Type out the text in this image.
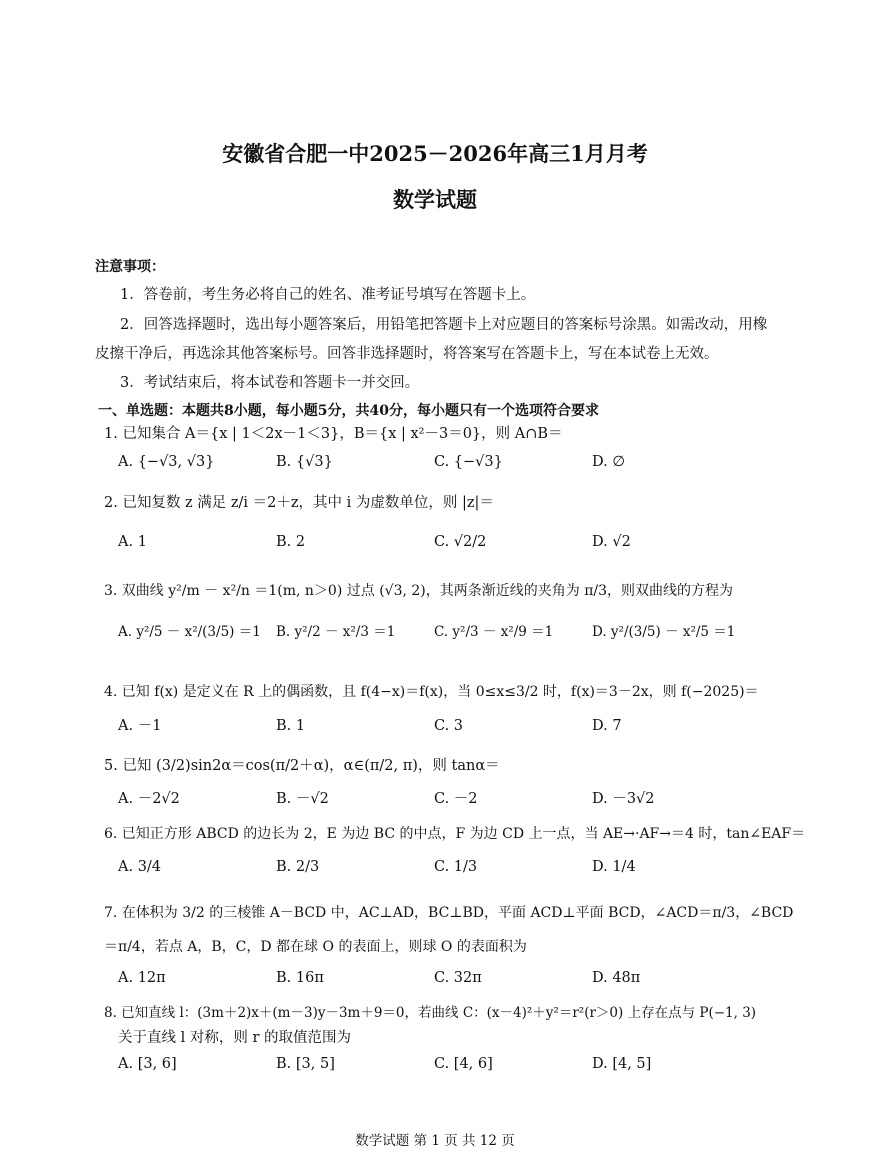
安徽省合肥一中2025－2026年高三1月月考
数学试题
注意事项：
1．答卷前，考生务必将自己的姓名、准考证号填写在答题卡上。
2．回答选择题时，选出每小题答案后，用铅笔把答题卡上对应题目的答案标号涂黑。如需改动，用橡
皮擦干净后，再选涂其他答案标号。回答非选择题时，将答案写在答题卡上，写在本试卷上无效。
3．考试结束后，将本试卷和答题卡一并交回。
一、单选题：本题共8小题，每小题5分，共40分，每小题只有一个选项符合要求
1. 已知集合 A＝{x | 1＜2x－1＜3}，B＝{x | x²－3＝0}，则 A∩B＝
A. {−√3, √3}	B. {√3}	C. {−√3}	D. ∅
2. 已知复数 z 满足 z/i ＝2＋z，其中 i 为虚数单位，则 |z|＝
A. 1	B. 2	C. √2/2	D. √2
3. 双曲线 y²/m － x²/n ＝1(m, n＞0) 过点 (√3, 2)，其两条渐近线的夹角为 π/3，则双曲线的方程为
A. y²/5 － x²/(3/5) ＝1 B. y²/2 － x²/3 ＝1	C. y²/3 － x²/9 ＝1	D. y²/(3/5) － x²/5 ＝1
4. 已知 f(x) 是定义在 R 上的偶函数，且 f(4−x)＝f(x)，当 0≤x≤3/2 时，f(x)＝3－2x，则 f(−2025)＝
A. －1	B. 1	C. 3	D. 7
5. 已知 (3/2)sin2α＝cos(π/2＋α)，α∈(π/2, π)，则 tanα＝
A. －2√2	B. －√2	C. －2	D. －3√2
6. 已知正方形 ABCD 的边长为 2，E 为边 BC 的中点，F 为边 CD 上一点，当 AE→·AF→＝4 时，tan∠EAF＝
A. 3/4	B. 2/3	C. 1/3	D. 1/4
7. 在体积为 3/2 的三棱锥 A－BCD 中，AC⊥AD，BC⊥BD，平面 ACD⊥平面 BCD，∠ACD＝π/3，∠BCD
＝π/4，若点 A，B，C，D 都在球 O 的表面上，则球 O 的表面积为
A. 12π	B. 16π	C. 32π	D. 48π
8. 已知直线 l：(3m＋2)x＋(m－3)y－3m＋9＝0，若曲线 C：(x－4)²＋y²＝r²(r＞0) 上存在点与 P(−1, 3)
关于直线 l 对称，则 r 的取值范围为
A. [3, 6]	B. [3, 5]	C. [4, 6]	D. [4, 5]
数学试题 第 1 页 共 12 页
